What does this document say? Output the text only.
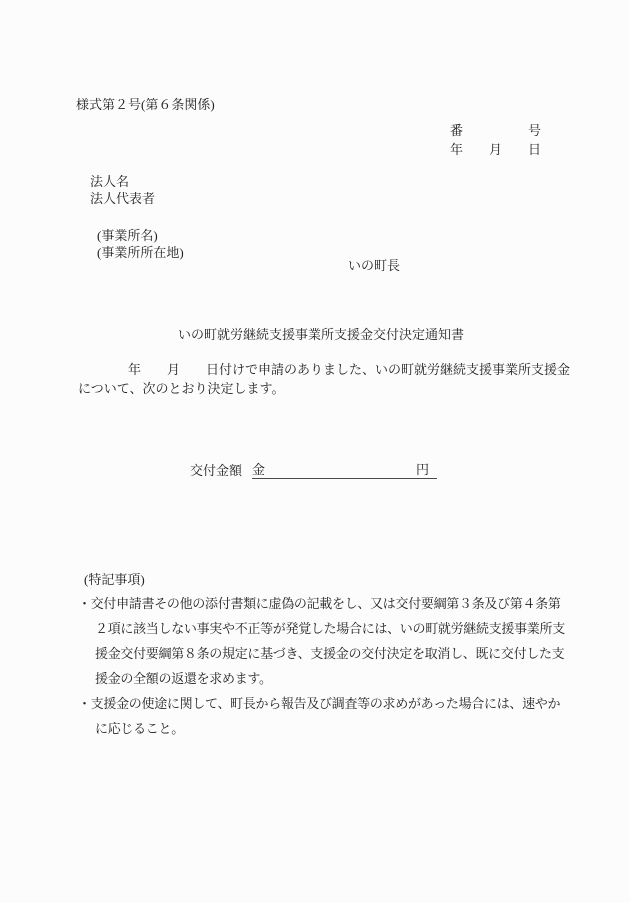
様式第２号(第６条関係)
番　　　　　号
年　　月　　日
法人名
法人代表者
(事業所名)
(事業所所在地)
いの町長
いの町就労継続支援事業所支援金交付決定通知書
年　　月　　日付けで申請のありました、いの町就労継続支援事業所支援金
について、次のとおり決定します。
交付金額 金	円
(特記事項)
・交付申請書その他の添付書類に虚偽の記載をし、又は交付要綱第３条及び第４条第
２項に該当しない事実や不正等が発覚した場合には、いの町就労継続支援事業所支
援金交付要綱第８条の規定に基づき、支援金の交付決定を取消し、既に交付した支
援金の全額の返還を求めます。
・支援金の使途に関して、町長から報告及び調査等の求めがあった場合には、速やか
に応じること。
